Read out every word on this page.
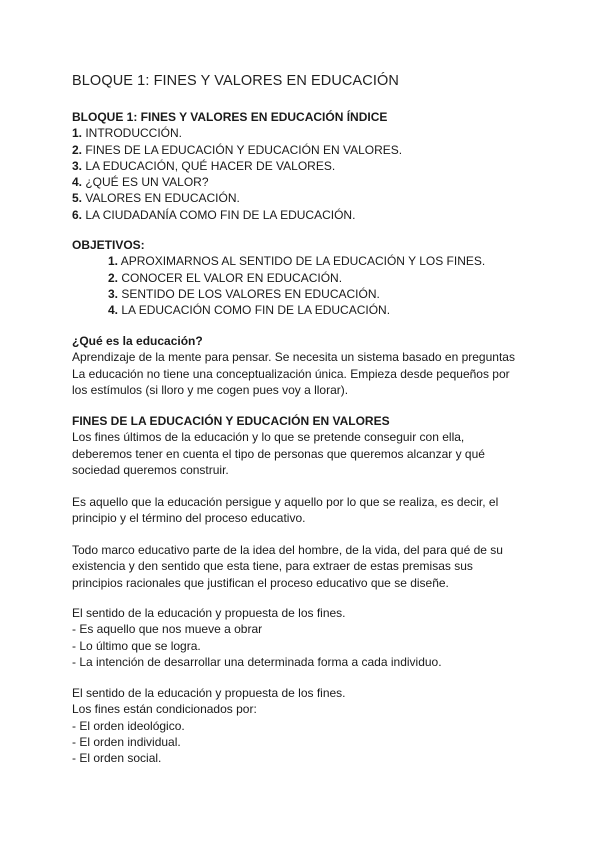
BLOQUE 1: FINES Y VALORES EN EDUCACIÓN
BLOQUE 1: FINES Y VALORES EN EDUCACIÓN ÍNDICE
1. INTRODUCCIÓN.
2. FINES DE LA EDUCACIÓN Y EDUCACIÓN EN VALORES.
3. LA EDUCACIÓN, QUÉ HACER DE VALORES.
4. ¿QUÉ ES UN VALOR?
5. VALORES EN EDUCACIÓN.
6. LA CIUDADANÍA COMO FIN DE LA EDUCACIÓN.
OBJETIVOS:
1. APROXIMARNOS AL SENTIDO DE LA EDUCACIÓN Y LOS FINES.
2. CONOCER EL VALOR EN EDUCACIÓN.
3. SENTIDO DE LOS VALORES EN EDUCACIÓN.
4. LA EDUCACIÓN COMO FIN DE LA EDUCACIÓN.
¿Qué es la educación?
Aprendizaje de la mente para pensar. Se necesita un sistema basado en preguntas
La educación no tiene una conceptualización única. Empieza desde pequeños por
los estímulos (si lloro y me cogen pues voy a llorar).
FINES DE LA EDUCACIÓN Y EDUCACIÓN EN VALORES
Los fines últimos de la educación y lo que se pretende conseguir con ella,
deberemos tener en cuenta el tipo de personas que queremos alcanzar y qué
sociedad queremos construir.
Es aquello que la educación persigue y aquello por lo que se realiza, es decir, el
principio y el término del proceso educativo.
Todo marco educativo parte de la idea del hombre, de la vida, del para qué de su
existencia y den sentido que esta tiene, para extraer de estas premisas sus
principios racionales que justifican el proceso educativo que se diseñe.
El sentido de la educación y propuesta de los fines.
- Es aquello que nos mueve a obrar
- Lo último que se logra.
- La intención de desarrollar una determinada forma a cada individuo.
El sentido de la educación y propuesta de los fines.
Los fines están condicionados por:
- El orden ideológico.
- El orden individual.
- El orden social.
